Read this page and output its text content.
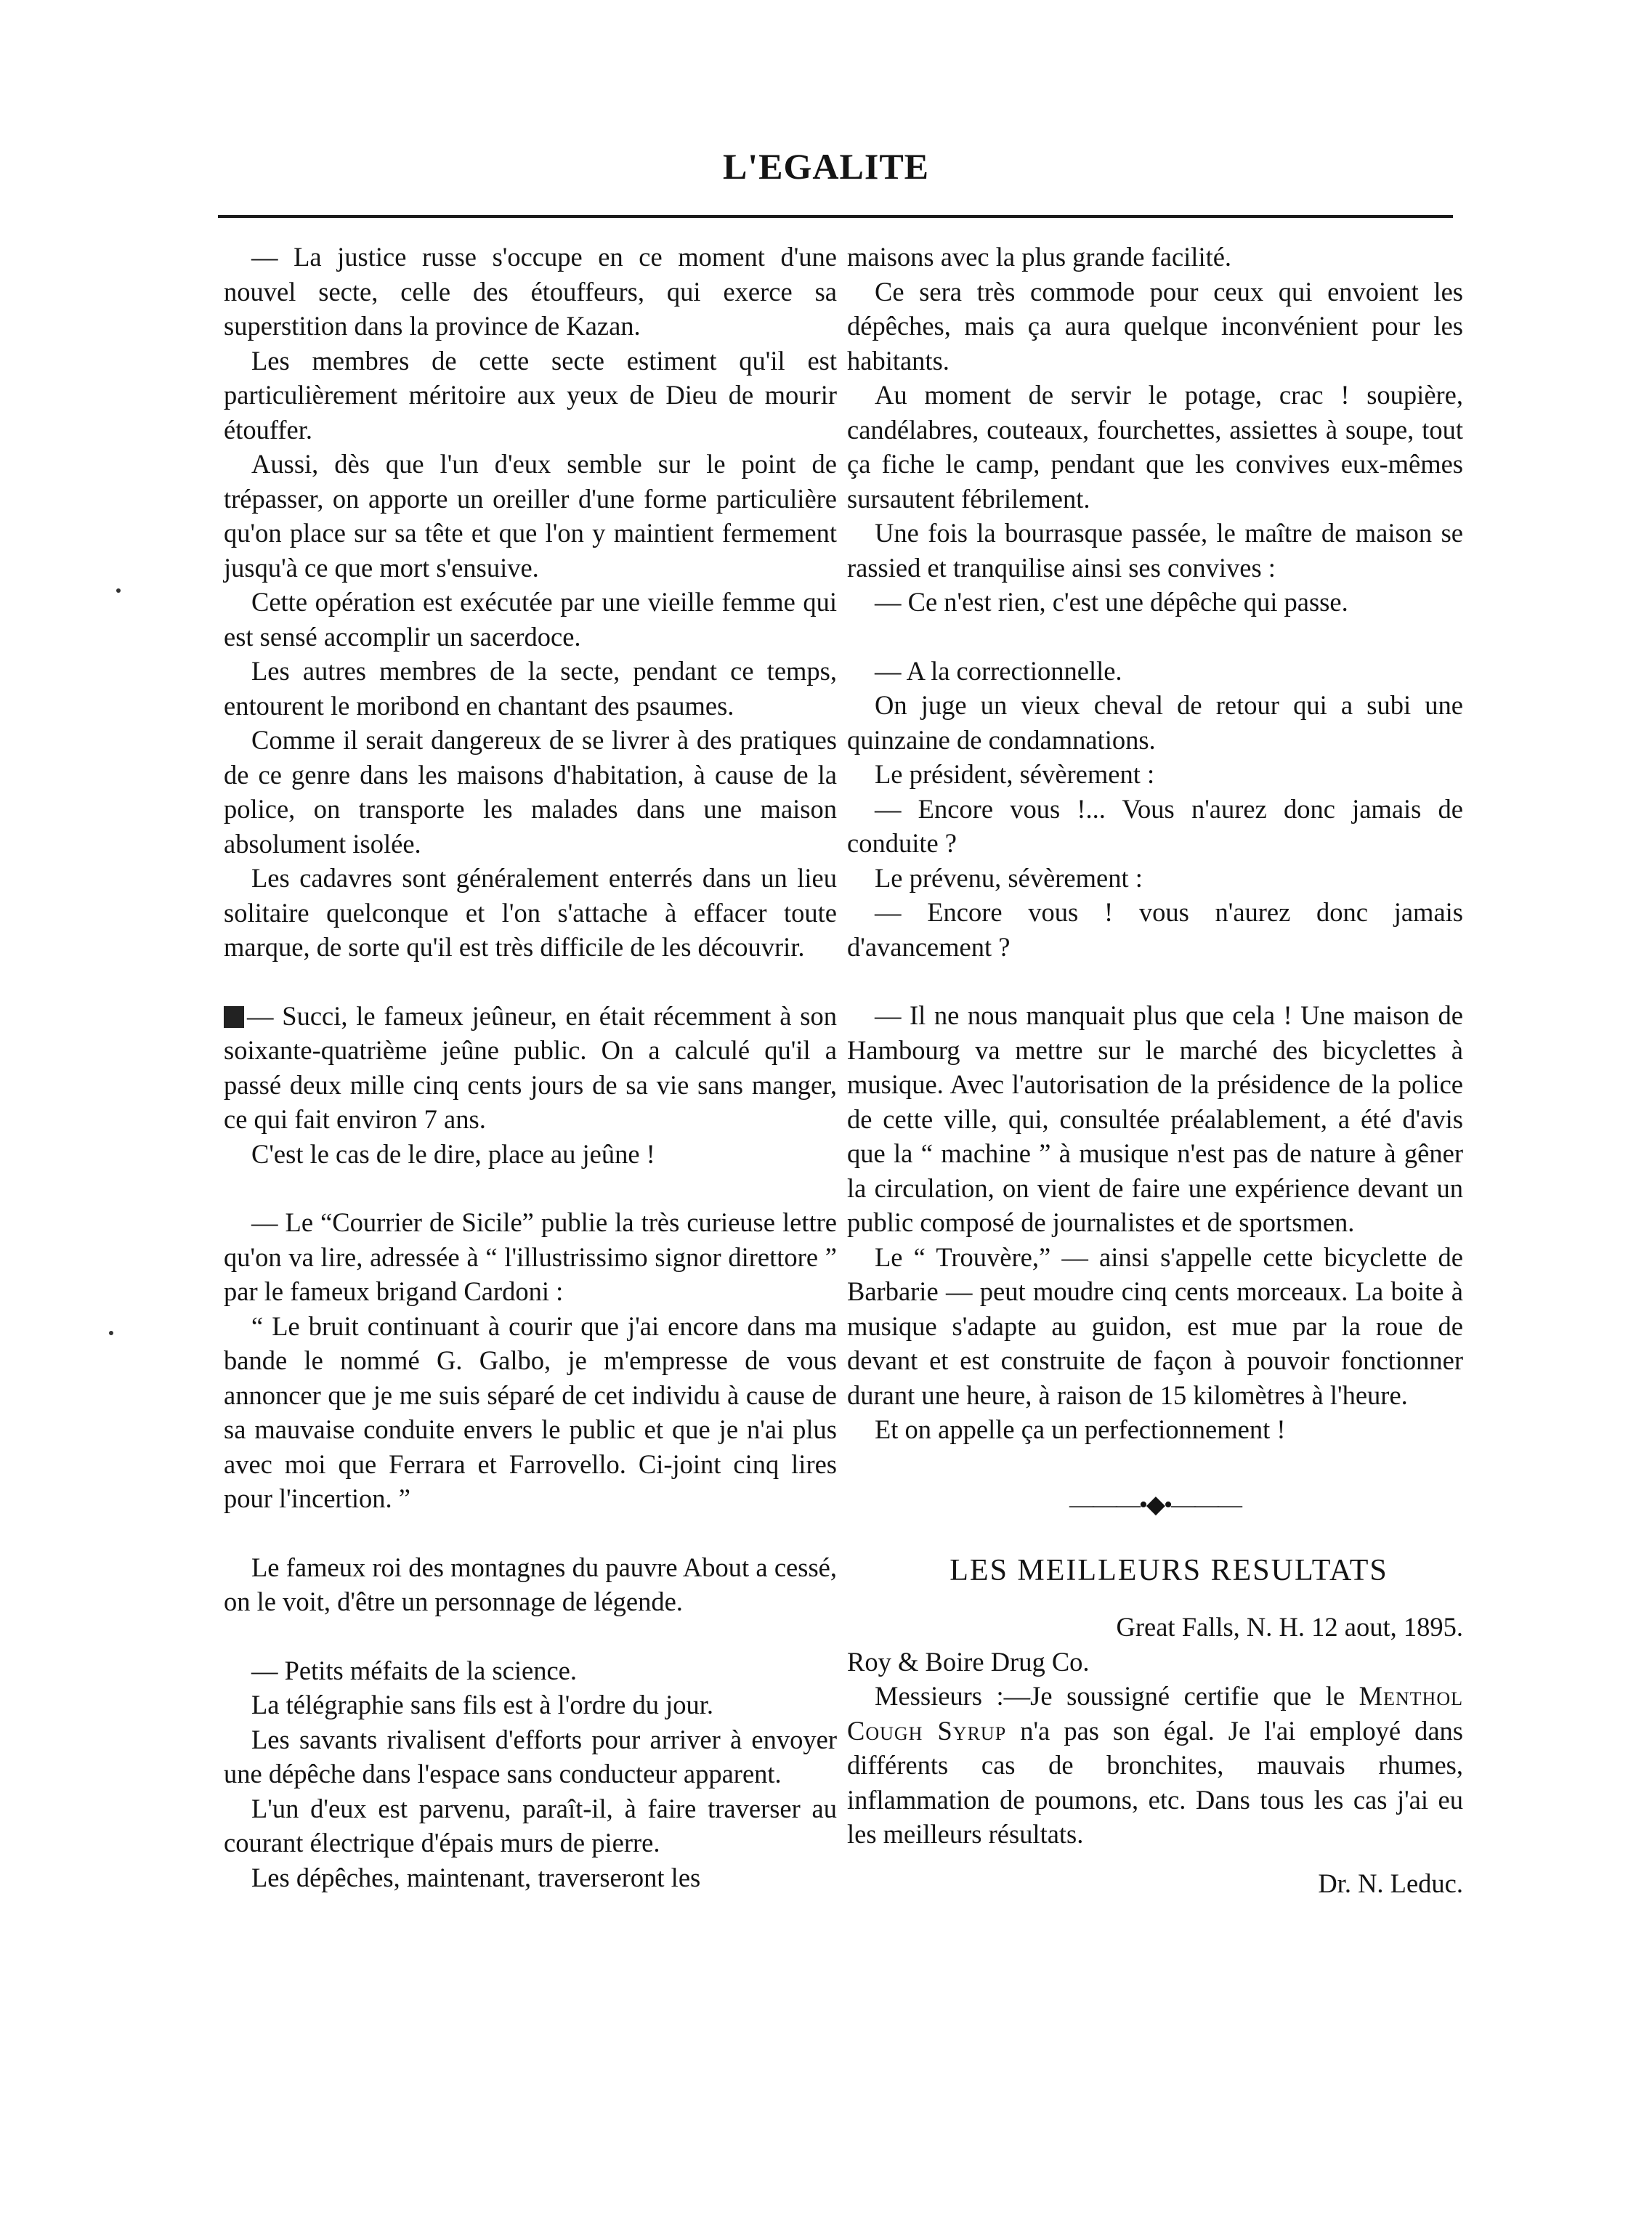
L'EGALITE

— La justice russe s'occupe en ce moment d'une nouvel secte, celle des étouffeurs, qui exerce sa superstition dans la province de Kazan.

Les membres de cette secte estiment qu'il est particulièrement méritoire aux yeux de Dieu de mourir étouffer.

Aussi, dès que l'un d'eux semble sur le point de trépasser, on apporte un oreiller d'une forme particulière qu'on place sur sa tête et que l'on y maintient fermement jusqu'à ce que mort s'ensuive.

Cette opération est exécutée par une vieille femme qui est sensé accomplir un sacerdoce.

Les autres membres de la secte, pendant ce temps, entourent le moribond en chantant des psaumes.

Comme il serait dangereux de se livrer à des pratiques de ce genre dans les maisons d'habitation, à cause de la police, on transporte les malades dans une maison absolument isolée.

Les cadavres sont généralement enterrés dans un lieu solitaire quelconque et l'on s'attache à effacer toute marque, de sorte qu'il est très difficile de les découvrir.

— Succi, le fameux jeûneur, en était récemment à son soixante-quatrième jeûne public. On a calculé qu'il a passé deux mille cinq cents jours de sa vie sans manger, ce qui fait environ 7 ans.

C'est le cas de le dire, place au jeûne !

— Le “Courrier de Sicile” publie la très curieuse lettre qu'on va lire, adressée à “ l'illustrissimo signor direttore ” par le fameux brigand Cardoni :

“ Le bruit continuant à courir que j'ai encore dans ma bande le nommé G. Galbo, je m'empresse de vous annoncer que je me suis séparé de cet individu à cause de sa mauvaise conduite envers le public et que je n'ai plus avec moi que Ferrara et Farrovello. Ci-joint cinq lires pour l'incertion. ”

Le fameux roi des montagnes du pauvre About a cessé, on le voit, d'être un personnage de légende.

— Petits méfaits de la science.

La télégraphie sans fils est à l'ordre du jour.

Les savants rivalisent d'efforts pour arriver à envoyer une dépêche dans l'espace sans conducteur apparent.

L'un d'eux est parvenu, paraît-il, à faire traverser au courant électrique d'épais murs de pierre.

Les dépêches, maintenant, traverseront les

maisons avec la plus grande facilité.

Ce sera très commode pour ceux qui envoient les dépêches, mais ça aura quelque inconvénient pour les habitants.

Au moment de servir le potage, crac ! soupière, candélabres, couteaux, fourchettes, assiettes à soupe, tout ça fiche le camp, pendant que les convives eux-mêmes sursautent fébrilement.

Une fois la bourrasque passée, le maître de maison se rassied et tranquilise ainsi ses convives :

— Ce n'est rien, c'est une dépêche qui passe.

— A la correctionnelle.

On juge un vieux cheval de retour qui a subi une quinzaine de condamnations.

Le président, sévèrement :

— Encore vous !... Vous n'aurez donc jamais de conduite ?

Le prévenu, sévèrement :

— Encore vous ! vous n'aurez donc jamais d'avancement ?

— Il ne nous manquait plus que cela ! Une maison de Hambourg va mettre sur le marché des bicyclettes à musique. Avec l'autorisation de la présidence de la police de cette ville, qui, consultée préalablement, a été d'avis que la “ machine ” à musique n'est pas de nature à gêner la circulation, on vient de faire une expérience devant un public composé de journalistes et de sportsmen.

Le “ Trouvère,” — ainsi s'appelle cette bicyclette de Barbarie — peut moudre cinq cents morceaux. La boite à musique s'adapte au guidon, est mue par la roue de devant et est construite de façon à pouvoir fonctionner durant une heure, à raison de 15 kilomètres à l'heure.

Et on appelle ça un perfectionnement !

———•◆•———

LES MEILLEURS RESULTATS

Great Falls, N. H. 12 aout, 1895.

Roy & Boire Drug Co.

Messieurs :—Je soussigné certifie que le Menthol Cough Syrup n'a pas son égal. Je l'ai employé dans différents cas de bronchites, mauvais rhumes, inflammation de poumons, etc. Dans tous les cas j'ai eu les meilleurs résultats.

Dr. N. Leduc.
